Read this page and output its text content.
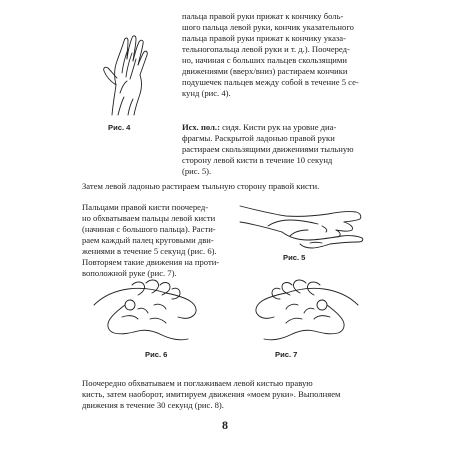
Рис. 4
пальца правой руки прижат к кончику боль-
шого пальца левой руки, кончик указательного
пальца правой руки прижат к кончику указа-
тельногопальца левой руки и т. д.). Поочеред-
но, начиная с больших пальцев скользящими
движениями (вверх/вниз) растираем кончики
подушечек пальцев между собой в течение 5 се-
кунд (рис. 4).
Исх. пол.: сидя. Кисти рук на уровне диа-
фрагмы. Раскрытой ладонью правой руки
растираем скользящими движениями тыльную
сторону левой кисти в течение 10 секунд
(рис. 5).
Затем левой ладонью растираем тыльную сторону правой кисти.
Пальцами правой кисти поочеред-
но обхватываем пальцы левой кисти
(начиная с большого пальца). Расти-
раем каждый палец круговыми дви-
жениями в течение 5 секунд (рис. 6).
Повторяем такие движения на проти-
воположной руке (рис. 7).
Рис. 5
Рис. 6	Рис. 7
Поочередно обхватываем и поглаживаем левой кистью правую
кисть, затем наоборот, имитируем движения «моем руки». Выполняем
движения в течение 30 секунд (рис. 8).
8
